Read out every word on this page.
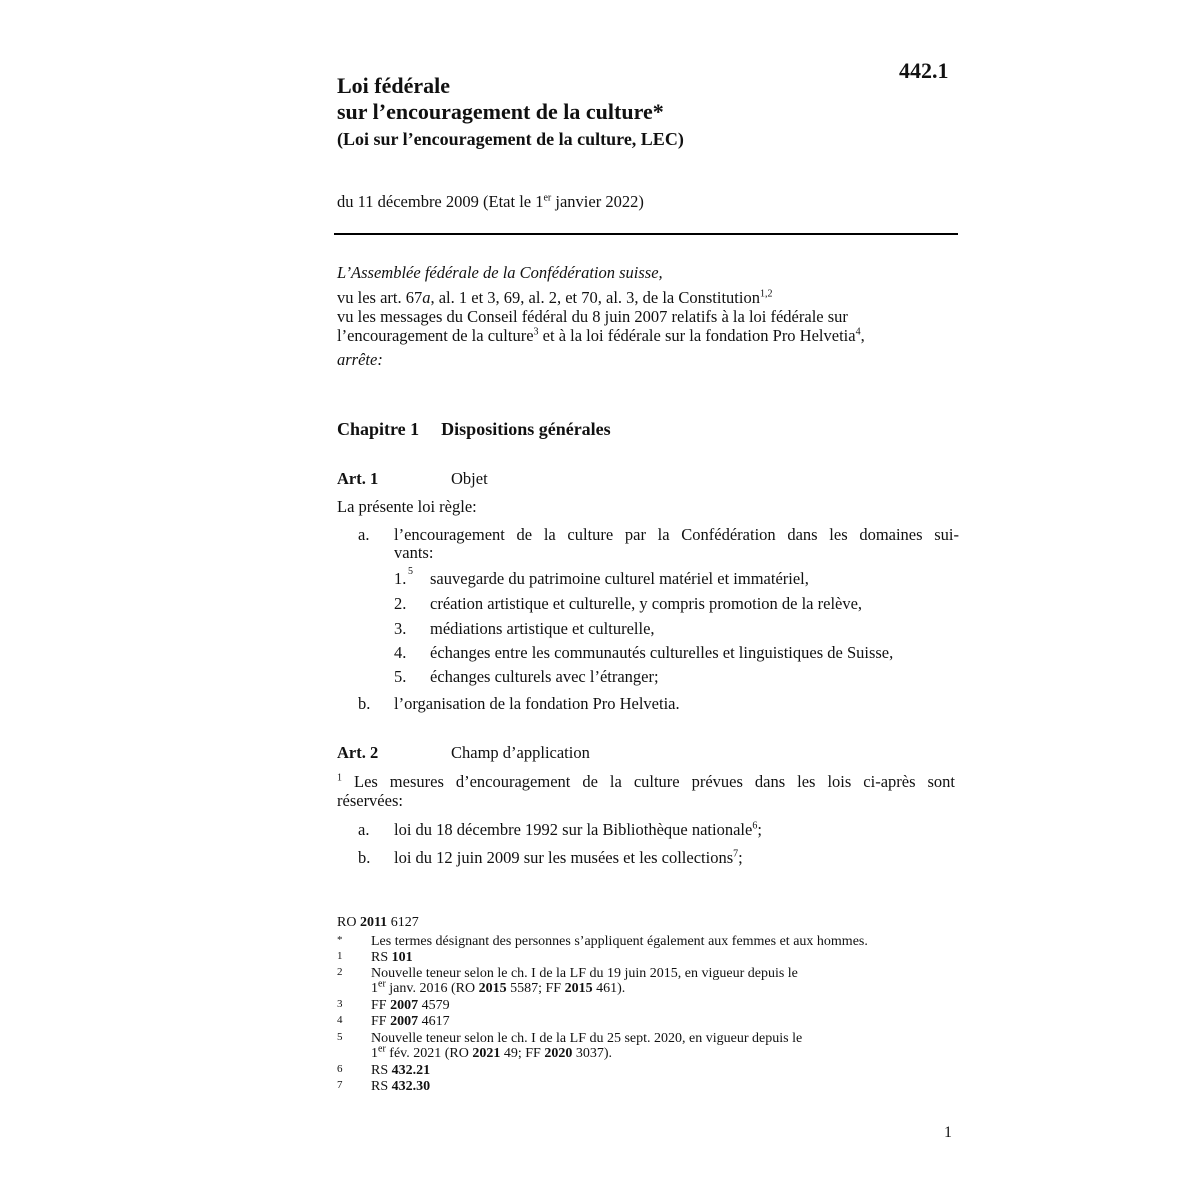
442.1
Loi fédérale
sur l’encouragement de la culture*
(Loi sur l’encouragement de la culture, LEC)
du 11 décembre 2009 (Etat le 1er janvier 2022)

L’Assemblée fédérale de la Confédération suisse,

vu les art. 67a, al. 1 et 3, 69, al. 2, et 70, al. 3, de la Constitution$^{1,2}$

vu les messages du Conseil fédéral du 8 juin 2007 relatifs à la loi fédérale sur

l’encouragement de la culture$^3$ et à la loi fédérale sur la fondation Pro Helvetia$^4$,

arrête:

Chapitre 1 Dispositions générales
Art. 1	Objet
La présente loi règle:
a. l’encouragement de la culture par la Confédération dans les domaines sui-
vants:
1. 5 sauvegarde du patrimoine culturel matériel et immatériel,
2. création artistique et culturelle, y compris promotion de la relève,
3. médiations artistique et culturelle,
4. échanges entre les communautés culturelles et linguistiques de Suisse,
5. échanges culturels avec l’étranger;
b. l’organisation de la fondation Pro Helvetia.
Art. 2	Champ d’application
$^1$ Les mesures d’encouragement de la culture prévues dans les lois ci-après sont
réservées:
a. loi du 18 décembre 1992 sur la Bibliothèque nationale$^6$;
b. loi du 12 juin 2009 sur les musées et les collections$^7$;
RO 2011 6127
* Les termes désignant des personnes s’appliquent également aux femmes et aux hommes.
1 RS 101
2 Nouvelle teneur selon le ch. I de la LF du 19 juin 2015, en vigueur depuis le
1er janv. 2016 (RO 2015 5587; FF 2015 461).
3 FF 2007 4579
4 FF 2007 4617
5 Nouvelle teneur selon le ch. I de la LF du 25 sept. 2020, en vigueur depuis le
1er fév. 2021 (RO 2021 49; FF 2020 3037).
6 RS 432.21
7 RS 432.30
1
